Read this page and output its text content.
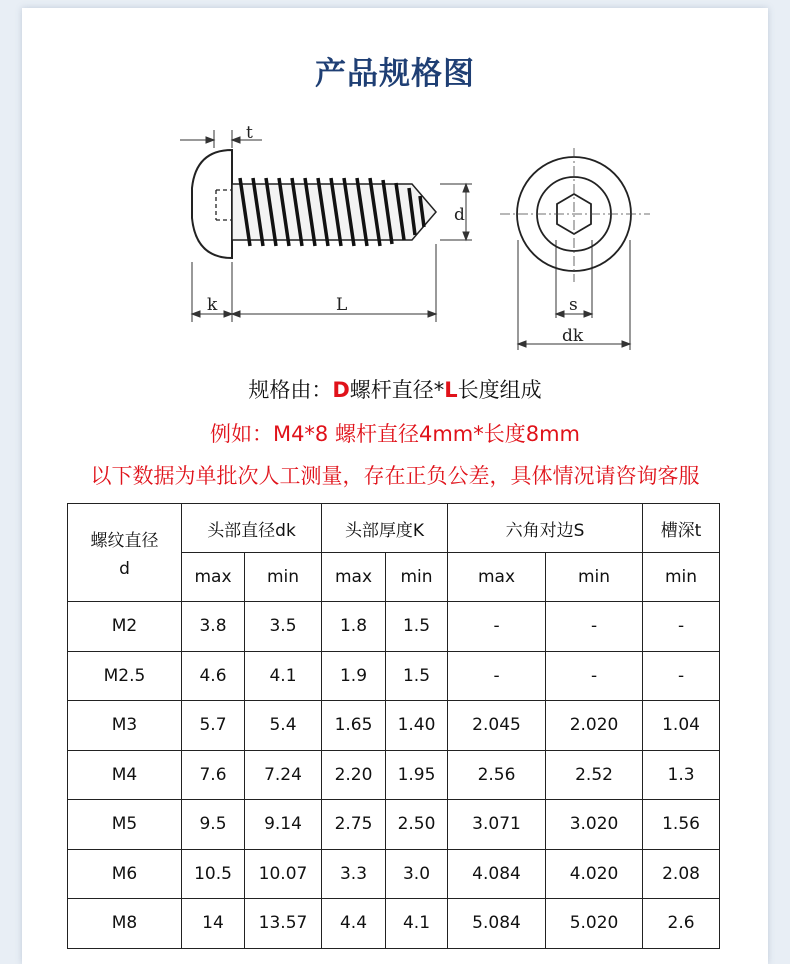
产品规格图
t
d
k	L	s
dk
规格由：D螺杆直径*L长度组成
例如：M4*8 螺杆直径4mm*长度8mm
以下数据为单批次人工测量，存在正负公差，具体情况请咨询客服
螺纹直径
d	头部直径dk		头部厚度K		六角对边S		槽深t
	max	min	max	min	max	min	min
M2	3.8	3.5	1.8	1.5	-	-	-
M2.5	4.6	4.1	1.9	1.5	-	-	-
M3	5.7	5.4	1.65	1.40	2.045	2.020	1.04
M4	7.6	7.24	2.20	1.95	2.56	2.52	1.3
M5	9.5	9.14	2.75	2.50	3.071	3.020	1.56
M6	10.5	10.07	3.3	3.0	4.084	4.020	2.08
M8	14	13.57	4.4	4.1	5.084	5.020	2.6
